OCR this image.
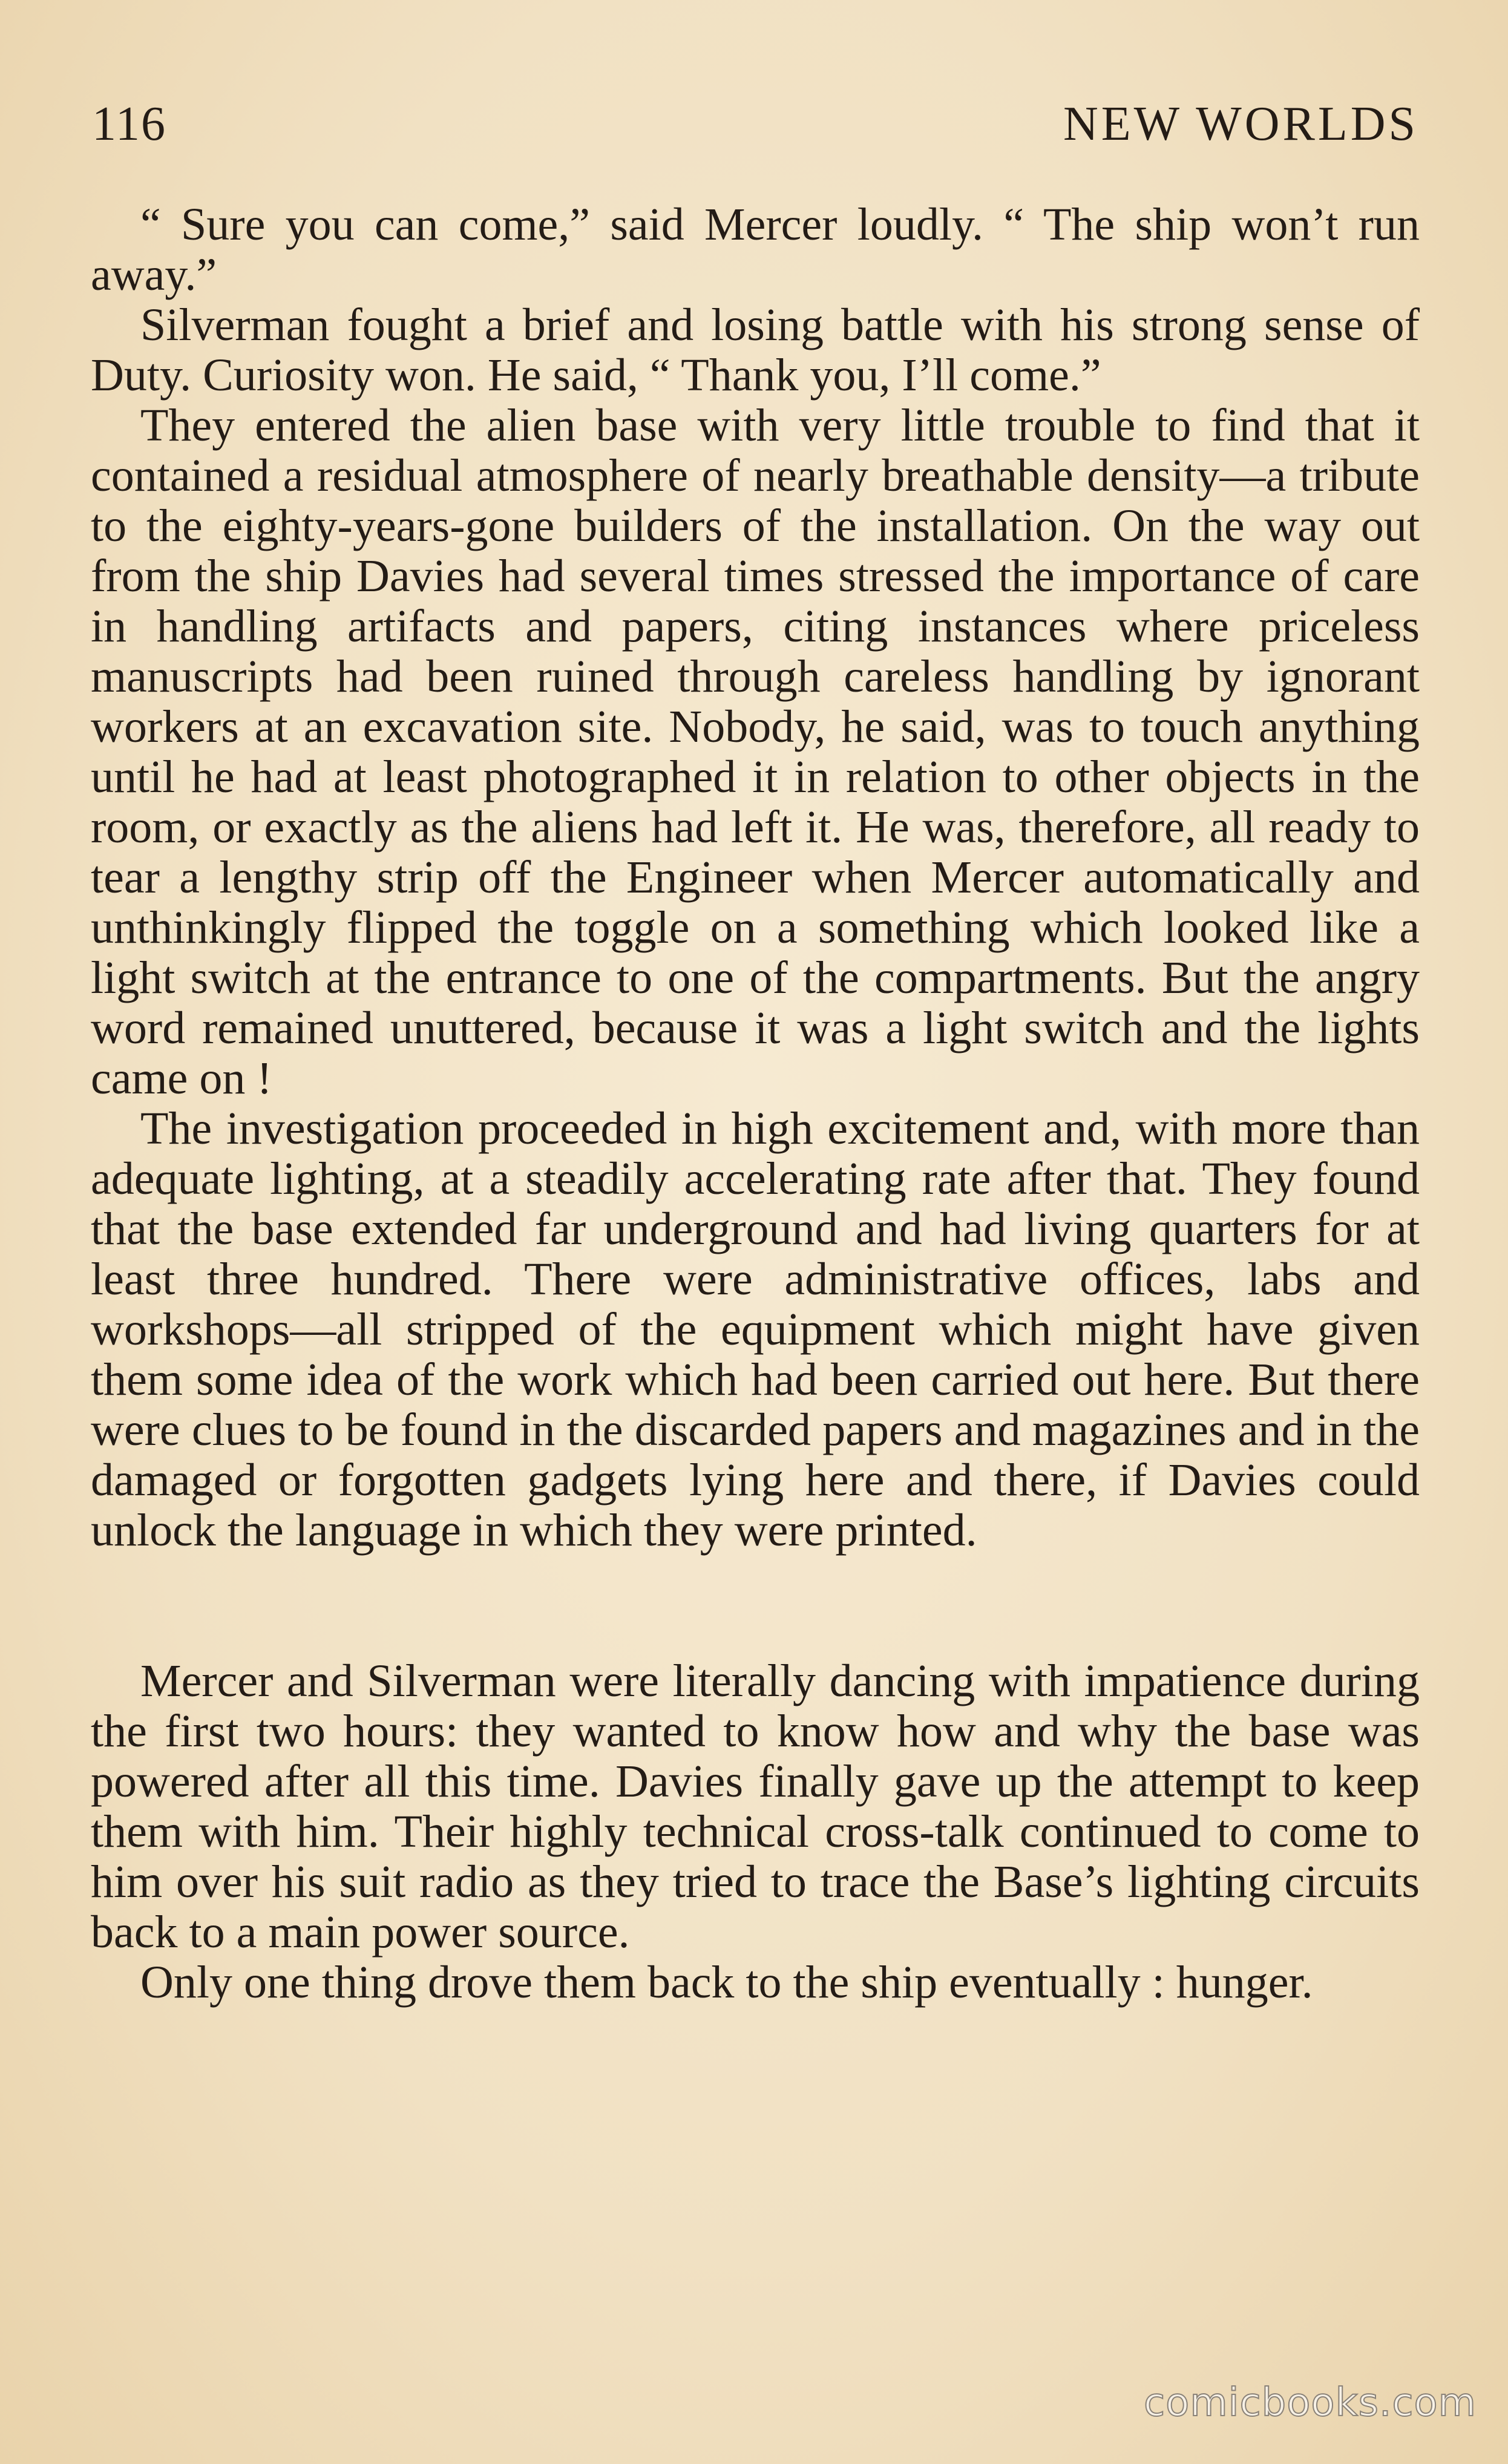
116	NEW WORLDS

“ Sure you can come,” said Mercer loudly. “ The ship won’t run away.”

Silverman fought a brief and losing battle with his strong sense of Duty. Curiosity won. He said, “ Thank you, I’ll come.”

They entered the alien base with very little trouble to find that it contained a residual atmosphere of nearly breathable density—a tribute to the eighty-years-gone builders of the installation. On the way out from the ship Davies had several times stressed the importance of care in handling artifacts and papers, citing instances where priceless manuscripts had been ruined through careless handling by ignorant workers at an excavation site. Nobody, he said, was to touch anything until he had at least photographed it in relation to other objects in the room, or exactly as the aliens had left it. He was, therefore, all ready to tear a lengthy strip off the Engineer when Mercer automatically and unthinkingly flipped the toggle on a something which looked like a light switch at the entrance to one of the compartments. But the angry word remained unuttered, because it was a light switch and the lights came on !

The investigation proceeded in high excitement and, with more than adequate lighting, at a steadily accelerating rate after that. They found that the base extended far underground and had living quarters for at least three hundred. There were administrative offices, labs and workshops—all stripped of the equipment which might have given them some idea of the work which had been carried out here. But there were clues to be found in the discarded papers and magazines and in the damaged or forgotten gadgets lying here and there, if Davies could unlock the language in which they were printed.

Mercer and Silverman were literally dancing with impatience during the first two hours: they wanted to know how and why the base was powered after all this time. Davies finally gave up the attempt to keep them with him. Their highly technical cross-talk continued to come to him over his suit radio as they tried to trace the Base’s lighting circuits back to a main power source.

Only one thing drove them back to the ship eventually : hunger.

comicbooks.com
